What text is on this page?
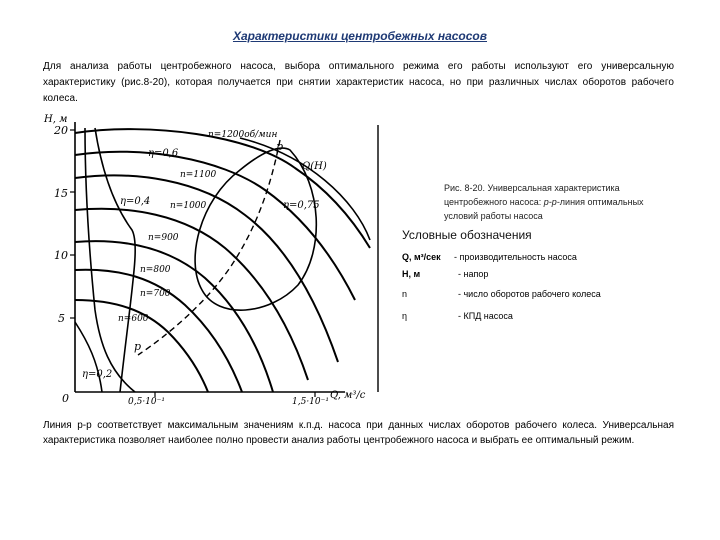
Характеристики центробежных насосов
Для анализа работы центробежного насоса, выбора оптимального режима его работы используют его универсальную характеристику (рис.8-20), которая получается при снятии характеристик насоса, но при различных числах оборотов рабочего колеса.
H, м
Q, м³/с
20
15
10
5
0	0,5·10⁻¹	1,5·10⁻¹
n=1200об/мин
n=1100
n=1000
n=900
n=800
n=700
n=600
η=0,6
η=0,4	η=0,75
η=0,2
Q(H)
p
p
Рис. 8-20. Универсальная характеристика центробежного насоса: р-р-линия оптимальных условий работы насоса
Условные обозначения
Q, м³/сек - производительность насоса
H, м	- напор
n	- число оборотов рабочего колеса
η	- КПД насоса
Линия р-р соответствует максимальным значениям к.п.д. насоса при данных числах оборотов рабочего колеса. Универсальная характеристика позволяет наиболее полно провести анализ работы центробежного насоса и выбрать ее оптимальный режим.
